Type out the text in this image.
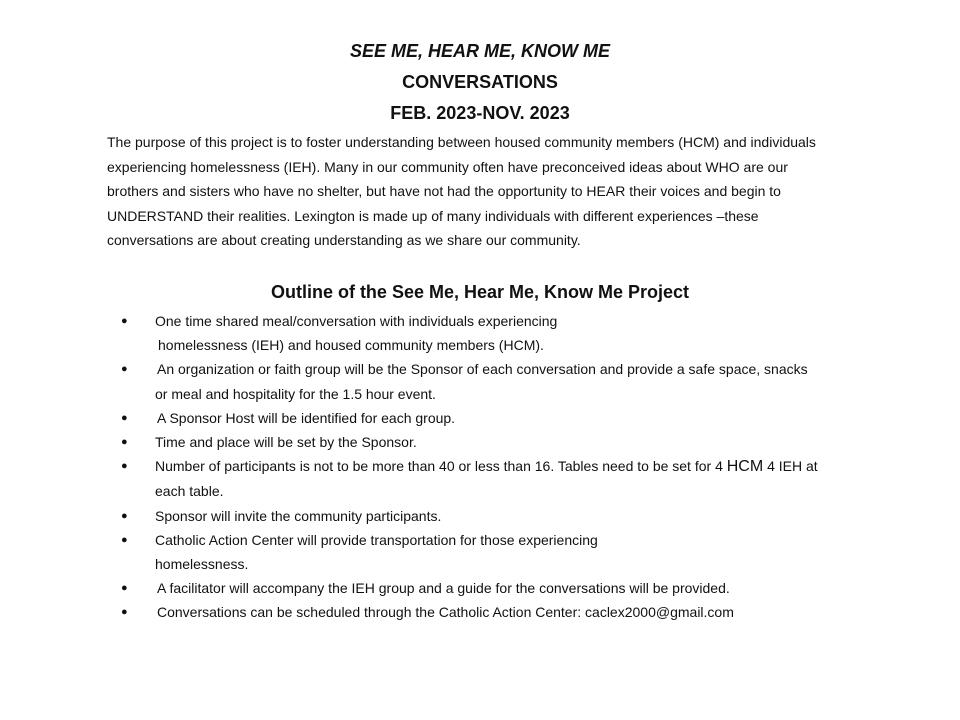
SEE ME, HEAR ME, KNOW ME
CONVERSATIONS
FEB. 2023-NOV. 2023

The purpose of this project is to foster understanding between housed community members (HCM) and individuals
experiencing homelessness (IEH). Many in our community often have preconceived ideas about WHO are our
brothers and sisters who have no shelter, but have not had the opportunity to HEAR their voices and begin to
UNDERSTAND their realities. Lexington is made up of many individuals with different experiences –these
conversations are about creating understanding as we share our community.

Outline of the See Me, Hear Me, Know Me Project
●	One time shared meal/conversation with individuals experiencing
homelessness (IEH) and housed community members (HCM).
●	An organization or faith group will be the Sponsor of each conversation and provide a safe space, snacks
or meal and hospitality for the 1.5 hour event.
●	A Sponsor Host will be identified for each group.
●	Time and place will be set by the Sponsor.
●	Number of participants is not to be more than 40 or less than 16. Tables need to be set for 4 HCM 4 IEH at
each table.
●	Sponsor will invite the community participants.
●	Catholic Action Center will provide transportation for those experiencing
homelessness.
●	A facilitator will accompany the IEH group and a guide for the conversations will be provided.
●	Conversations can be scheduled through the Catholic Action Center: caclex2000@gmail.com
